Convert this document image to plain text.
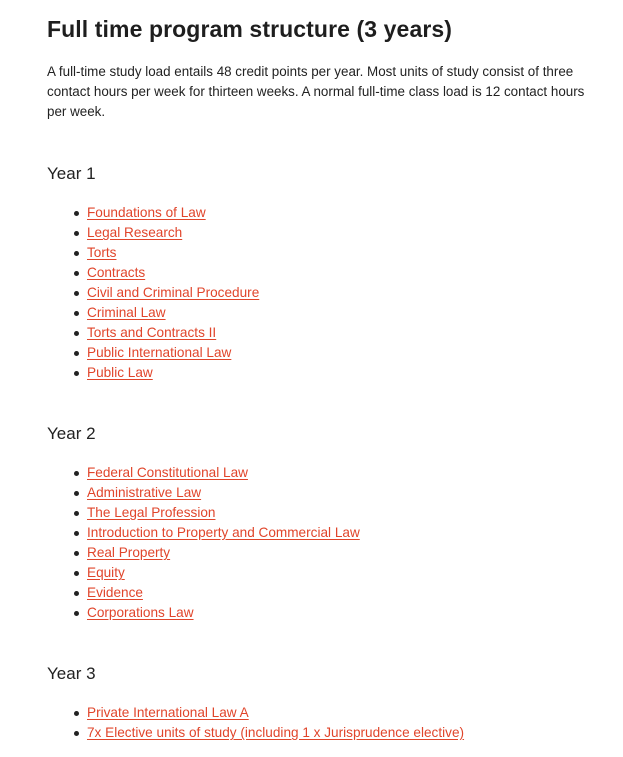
Full time program structure (3 years)

A full-time study load entails 48 credit points per year. Most units of study consist of three contact hours per week for thirteen weeks. A normal full-time class load is 12 contact hours per week.

Year 1
Foundations of Law
Legal Research
Torts
Contracts
Civil and Criminal Procedure
Criminal Law
Torts and Contracts II
Public International Law
Public Law
Year 2
Federal Constitutional Law
Administrative Law
The Legal Profession
Introduction to Property and Commercial Law
Real Property
Equity
Evidence
Corporations Law
Year 3
Private International Law A
7x Elective units of study (including 1 x Jurisprudence elective)
